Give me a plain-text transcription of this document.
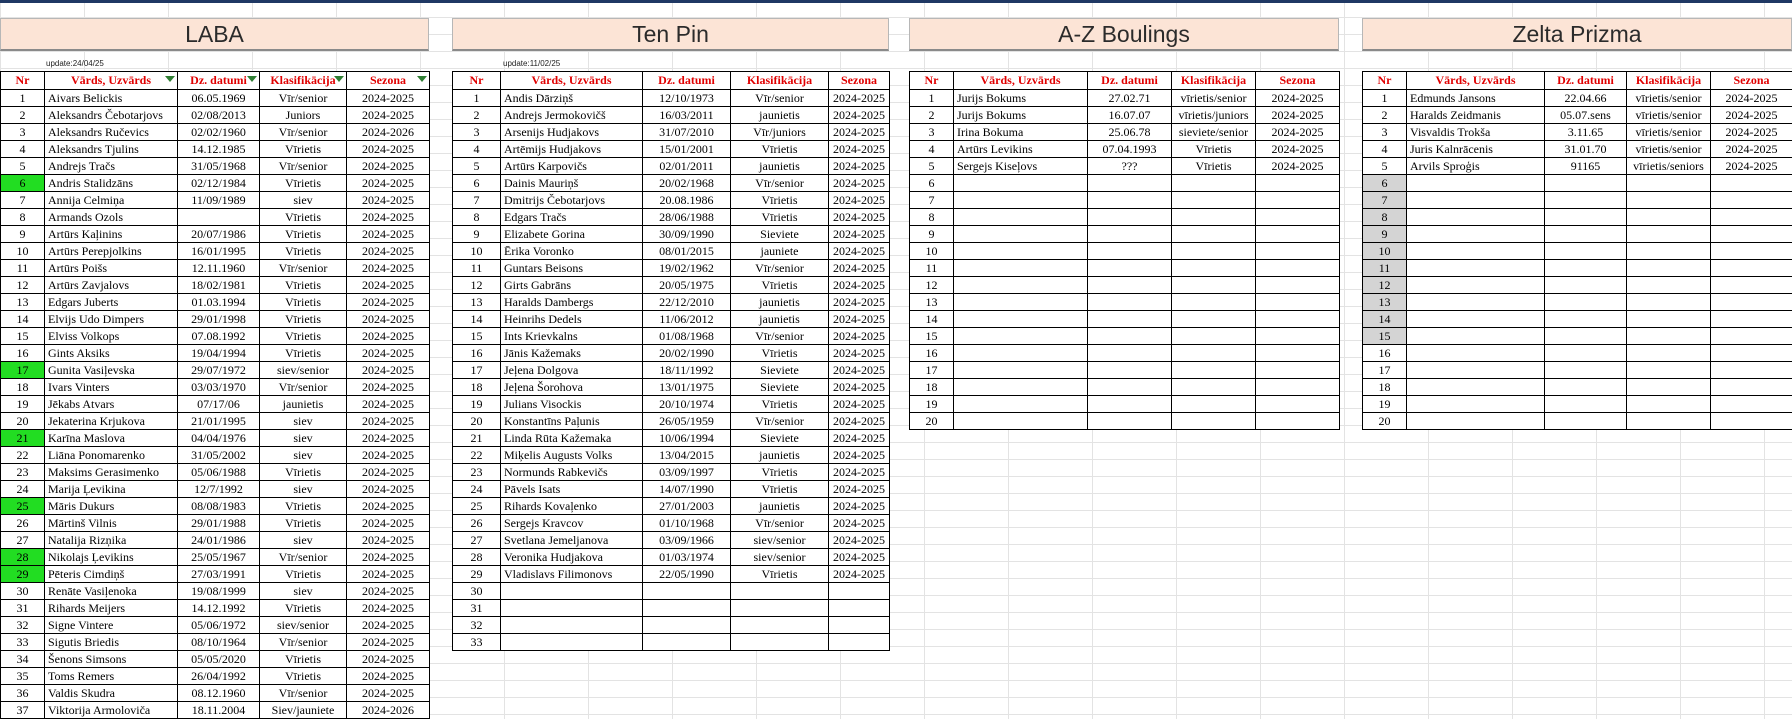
LABA
update:24/04/25
Nr	Vārds, Uzvārds	Dz. datumi	Klasifikācija	Sezona

1	Aivars Belickis	06.05.1969	Vīr/senior	2024-2025
2	Aleksandrs Čebotarjovs	02/08/2013	Juniors	2024-2025
3	Aleksandrs Ručevics	02/02/1960	Vīr/senior	2024-2026
4	Aleksandrs Tjulins	14.12.1985	Vīrietis	2024-2025
5	Andrejs Tračs	31/05/1968	Vīr/senior	2024-2025
6	Andris Stalidzāns	02/12/1984	Vīrietis	2024-2025
7	Annija Celmiņa	11/09/1989	siev	2024-2025
8	Armands Ozols		Vīrietis	2024-2025
9	Artūrs Kaļinins	20/07/1986	Vīrietis	2024-2025
10	Artūrs Perepjolkins	16/01/1995	Vīrietis	2024-2025
11	Artūrs Poišs	12.11.1960	Vīr/senior	2024-2025
12	Artūrs Zavjalovs	18/02/1981	Vīrietis	2024-2025
13	Edgars Juberts	01.03.1994	Vīrietis	2024-2025
14	Elvijs Udo Dimpers	29/01/1998	Vīrietis	2024-2025
15	Elviss Volkops	07.08.1992	Vīrietis	2024-2025
16	Gints Aksiks	19/04/1994	Vīrietis	2024-2025
17	Gunita Vasiļevska	29/07/1972	siev/senior	2024-2025
18	Ivars Vinters	03/03/1970	Vīr/senior	2024-2025
19	Jēkabs Atvars	07/17/06	jaunietis	2024-2025
20	Jekaterina Krjukova	21/01/1995	siev	2024-2025
21	Karīna Maslova	04/04/1976	siev	2024-2025
22	Liāna Ponomarenko	31/05/2002	siev	2024-2025
23	Maksims Gerasimenko	05/06/1988	Vīrietis	2024-2025
24	Marija Ļevikina	12/7/1992	siev	2024-2025
25	Māris Dukurs	08/08/1983	Vīrietis	2024-2025
26	Mārtinš Vilnis	29/01/1988	Vīrietis	2024-2025
27	Natalija Rizņika	24/01/1986	siev	2024-2025
28	Nikolajs Ļevikins	25/05/1967	Vīr/senior	2024-2025
29	Pēteris Cimdiņš	27/03/1991	Vīrietis	2024-2025
30	Renāte Vasiļenoka	19/08/1999	siev	2024-2025
31	Rihards Meijers	14.12.1992	Vīrietis	2024-2025
32	Signe Vintere	05/06/1972	siev/senior	2024-2025
33	Sigutis Briedis	08/10/1964	Vīr/senior	2024-2025
34	Šenons Simsons	05/05/2020	Vīrietis	2024-2025
35	Toms Remers	26/04/1992	Vīrietis	2024-2025
36	Valdis Skudra	08.12.1960	Vīr/senior	2024-2025
37	Viktorija Armoloviča	18.11.2004	Siev/jauniete	2024-2026
Ten Pin
update:11/02/25
Nr	Vārds, Uzvārds	Dz. datumi	Klasifikācija	Sezona
1	Andis Dārziņš	12/10/1973	Vīr/senior	2024-2025
2	Andrejs Jermokovičš	16/03/2011	jaunietis	2024-2025
3	Arsenijs Hudjakovs	31/07/2010	Vīr/juniors	2024-2025
4	Artēmijs Hudjakovs	15/01/2001	Vīrietis	2024-2025
5	Artūrs Karpovičs	02/01/2011	jaunietis	2024-2025
6	Dainis Mauriņš	20/02/1968	Vīr/senior	2024-2025
7	Dmitrijs Čebotarjovs	20.08.1986	Vīrietis	2024-2025
8	Edgars Tračs	28/06/1988	Vīrietis	2024-2025
9	Elizabete Gorina	30/09/1990	Sieviete	2024-2025
10	Ērika Voronko	08/01/2015	jauniete	2024-2025
11	Guntars Beisons	19/02/1962	Vīr/senior	2024-2025
12	Girts Gabrāns	20/05/1975	Vīrietis	2024-2025
13	Haralds Dambergs	22/12/2010	jaunietis	2024-2025
14	Heinrihs Dedels	11/06/2012	jaunietis	2024-2025
15	Ints Krievkalns	01/08/1968	Vīr/senior	2024-2025
16	Jānis Kažemaks	20/02/1990	Vīrietis	2024-2025
17	Jeļena Dolgova	18/11/1992	Sieviete	2024-2025
18	Jeļena Šorohova	13/01/1975	Sieviete	2024-2025
19	Julians Visockis	20/10/1974	Vīrietis	2024-2025
20	Konstantīns Paļunis	26/05/1959	Vīr/senior	2024-2025
21	Linda Rūta Kažemaka	10/06/1994	Sieviete	2024-2025
22	Miķelis Augusts Volks	13/04/2015	jaunietis	2024-2025
23	Normunds Rabkevičs	03/09/1997	Vīrietis	2024-2025
24	Pāvels Isats	14/07/1990	Vīrietis	2024-2025
25	Rihards Kovaļenko	27/01/2003	jaunietis	2024-2025
26	Sergejs Kravcov	01/10/1968	Vīr/senior	2024-2025
27	Svetlana Jemeljanova	03/09/1966	siev/senior	2024-2025
28	Veronika Hudjakova	01/03/1974	siev/senior	2024-2025
29	Vladislavs Filimonovs	22/05/1990	Vīrietis	2024-2025
30				
31				
32				
33				
A-Z Boulings
Nr	Vārds, Uzvārds	Dz. datumi	Klasifikācija	Sezona
1	Jurijs Bokums	27.02.71	vīrietis/senior	2024-2025
2	Jurijs Bokums	16.07.07	vīrietis/juniors	2024-2025
3	Irina Bokuma	25.06.78	sieviete/senior	2024-2025
4	Artūrs Levikins	07.04.1993	Vīrietis	2024-2025
5	Sergejs Kiseļovs	???	Vīrietis	2024-2025
6				
7				
8				
9				
10				
11				
12				
13				
14				
15				
16				
17				
18				
19				
20				
Zelta Prizma
Nr	Vārds, Uzvārds	Dz. datumi	Klasifikācija	Sezona
1	Edmunds Jansons	22.04.66	vīrietis/senior	2024-2025
2	Haralds Zeidmanis	05.07.sens	vīrietis/senior	2024-2025
3	Visvaldis Trokša	3.11.65	vīrietis/senior	2024-2025
4	Juris Kalnrācenis	31.01.70	vīrietis/senior	2024-2025
5	Arvils Sproģis	91165	vīrietis/seniors	2024-2025
6				
7				
8				
9				
10				
11				
12				
13				
14				
15				
16				
17				
18				
19				
20				
